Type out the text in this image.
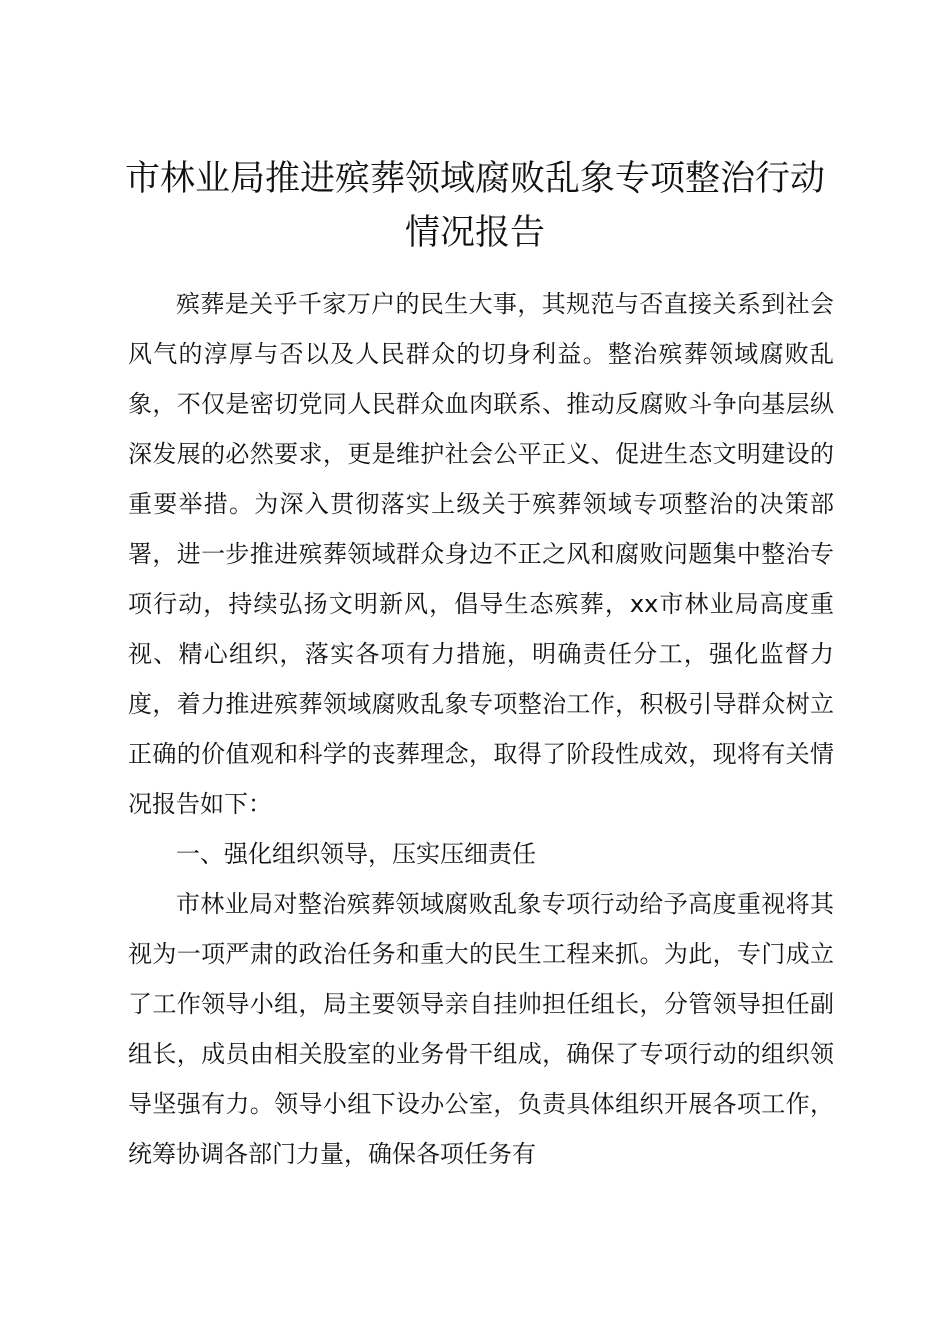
市林业局推进殡葬领域腐败乱象专项整治行动情况报告

殡葬是关乎千家万户的民生大事，其规范与否直接关系到社会风气的淳厚与否以及人民群众的切身利益。整治殡葬领域腐败乱象，不仅是密切党同人民群众血肉联系、推动反腐败斗争向基层纵深发展的必然要求，更是维护社会公平正义、促进生态文明建设的重要举措。为深入贯彻落实上级关于殡葬领域专项整治的决策部署，进一步推进殡葬领域群众身边不正之风和腐败问题集中整治专项行动，持续弘扬文明新风，倡导生态殡葬，xx市林业局高度重视、精心组织，落实各项有力措施，明确责任分工，强化监督力度，着力推进殡葬领域腐败乱象专项整治工作，积极引导群众树立正确的价值观和科学的丧葬理念，取得了阶段性成效，现将有关情况报告如下：

一、强化组织领导，压实压细责任

市林业局对整治殡葬领域腐败乱象专项行动给予高度重视将其视为一项严肃的政治任务和重大的民生工程来抓。为此，专门成立了工作领导小组，局主要领导亲自挂帅担任组长，分管领导担任副组长，成员由相关股室的业务骨干组成，确保了专项行动的组织领导坚强有力。领导小组下设办公室，负责具体组织开展各项工作，统筹协调各部门力量，确保各项任务有
